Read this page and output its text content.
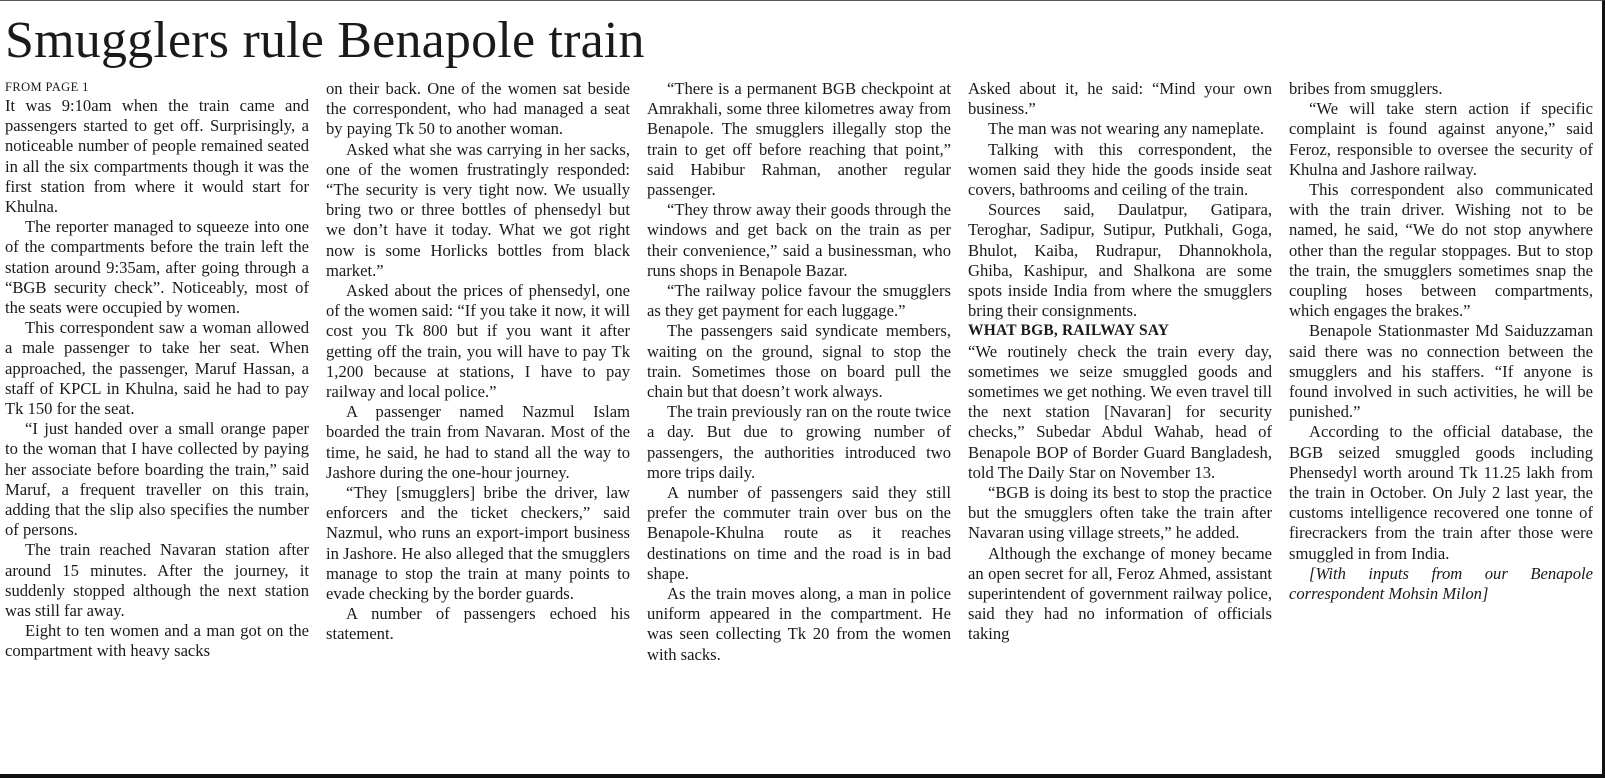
Smugglers rule Benapole train
FROM PAGE 1

It was 9:10am when the train came and passengers started to get off. Surprisingly, a noticeable number of people remained seated in all the six compartments though it was the first station from where it would start for Khulna.

The reporter managed to squeeze into one of the compartments before the train left the station around 9:35am, after going through a “BGB security check”. Noticeably, most of the seats were occupied by women.

This correspondent saw a woman allowed a male passenger to take her seat. When approached, the passenger, Maruf Hassan, a staff of KPCL in Khulna, said he had to pay Tk 150 for the seat.

“I just handed over a small orange paper to the woman that I have collected by paying her associate before boarding the train,” said Maruf, a frequent traveller on this train, adding that the slip also specifies the number of persons.

The train reached Navaran station after around 15 minutes. After the journey, it suddenly stopped although the next station was still far away.

Eight to ten women and a man got on the compartment with heavy sacks

on their back. One of the women sat beside the correspondent, who had managed a seat by paying Tk 50 to another woman.

Asked what she was carrying in her sacks, one of the women frustratingly responded: “The security is very tight now. We usually bring two or three bottles of phensedyl but we don’t have it today. What we got right now is some Horlicks bottles from black market.”

Asked about the prices of phensedyl, one of the women said: “If you take it now, it will cost you Tk 800 but if you want it after getting off the train, you will have to pay Tk 1,200 because at stations, I have to pay railway and local police.”

A passenger named Nazmul Islam boarded the train from Navaran. Most of the time, he said, he had to stand all the way to Jashore during the one-hour journey.

“They [smugglers] bribe the driver, law enforcers and the ticket checkers,” said Nazmul, who runs an export-import business in Jashore. He also alleged that the smugglers manage to stop the train at many points to evade checking by the border guards.

A number of passengers echoed his statement.

“There is a permanent BGB checkpoint at Amrakhali, some three kilometres away from Benapole. The smugglers illegally stop the train to get off before reaching that point,” said Habibur Rahman, another regular passenger.

“They throw away their goods through the windows and get back on the train as per their convenience,” said a businessman, who runs shops in Benapole Bazar.

“The railway police favour the smugglers as they get payment for each luggage.”

The passengers said syndicate members, waiting on the ground, signal to stop the train. Sometimes those on board pull the chain but that doesn’t work always.

The train previously ran on the route twice a day. But due to growing number of passengers, the authorities introduced two more trips daily.

A number of passengers said they still prefer the commuter train over bus on the Benapole-Khulna route as it reaches destinations on time and the road is in bad shape.

As the train moves along, a man in police uniform appeared in the compartment. He was seen collecting Tk 20 from the women with sacks.

Asked about it, he said: “Mind your own business.”

The man was not wearing any nameplate.

Talking with this correspondent, the women said they hide the goods inside seat covers, bathrooms and ceiling of the train.

Sources said, Daulatpur, Gatipara, Teroghar, Sadipur, Sutipur, Putkhali, Goga, Bhulot, Kaiba, Rudrapur, Dhannokhola, Ghiba, Kashipur, and Shalkona are some spots inside India from where the smugglers bring their consignments.

WHAT BGB, RAILWAY SAY

“We routinely check the train every day, sometimes we seize smuggled goods and sometimes we get nothing. We even travel till the next station [Navaran] for security checks,” Subedar Abdul Wahab, head of Benapole BOP of Border Guard Bangladesh, told The Daily Star on November 13.

“BGB is doing its best to stop the practice but the smugglers often take the train after Navaran using village streets,” he added.

Although the exchange of money became an open secret for all, Feroz Ahmed, assistant superintendent of government railway police, said they had no information of officials taking

bribes from smugglers.

“We will take stern action if specific complaint is found against anyone,” said Feroz, responsible to oversee the security of Khulna and Jashore railway.

This correspondent also communicated with the train driver. Wishing not to be named, he said, “We do not stop anywhere other than the regular stoppages. But to stop the train, the smugglers sometimes snap the coupling hoses between compartments, which engages the brakes.”

Benapole Stationmaster Md Saiduzzaman said there was no connection between the smugglers and his staffers. “If anyone is found involved in such activities, he will be punished.”

According to the official database, the BGB seized smuggled goods including Phensedyl worth around Tk 11.25 lakh from the train in October. On July 2 last year, the customs intelligence recovered one tonne of firecrackers from the train after those were smuggled in from India.

[With inputs from our Benapole correspondent Mohsin Milon]
